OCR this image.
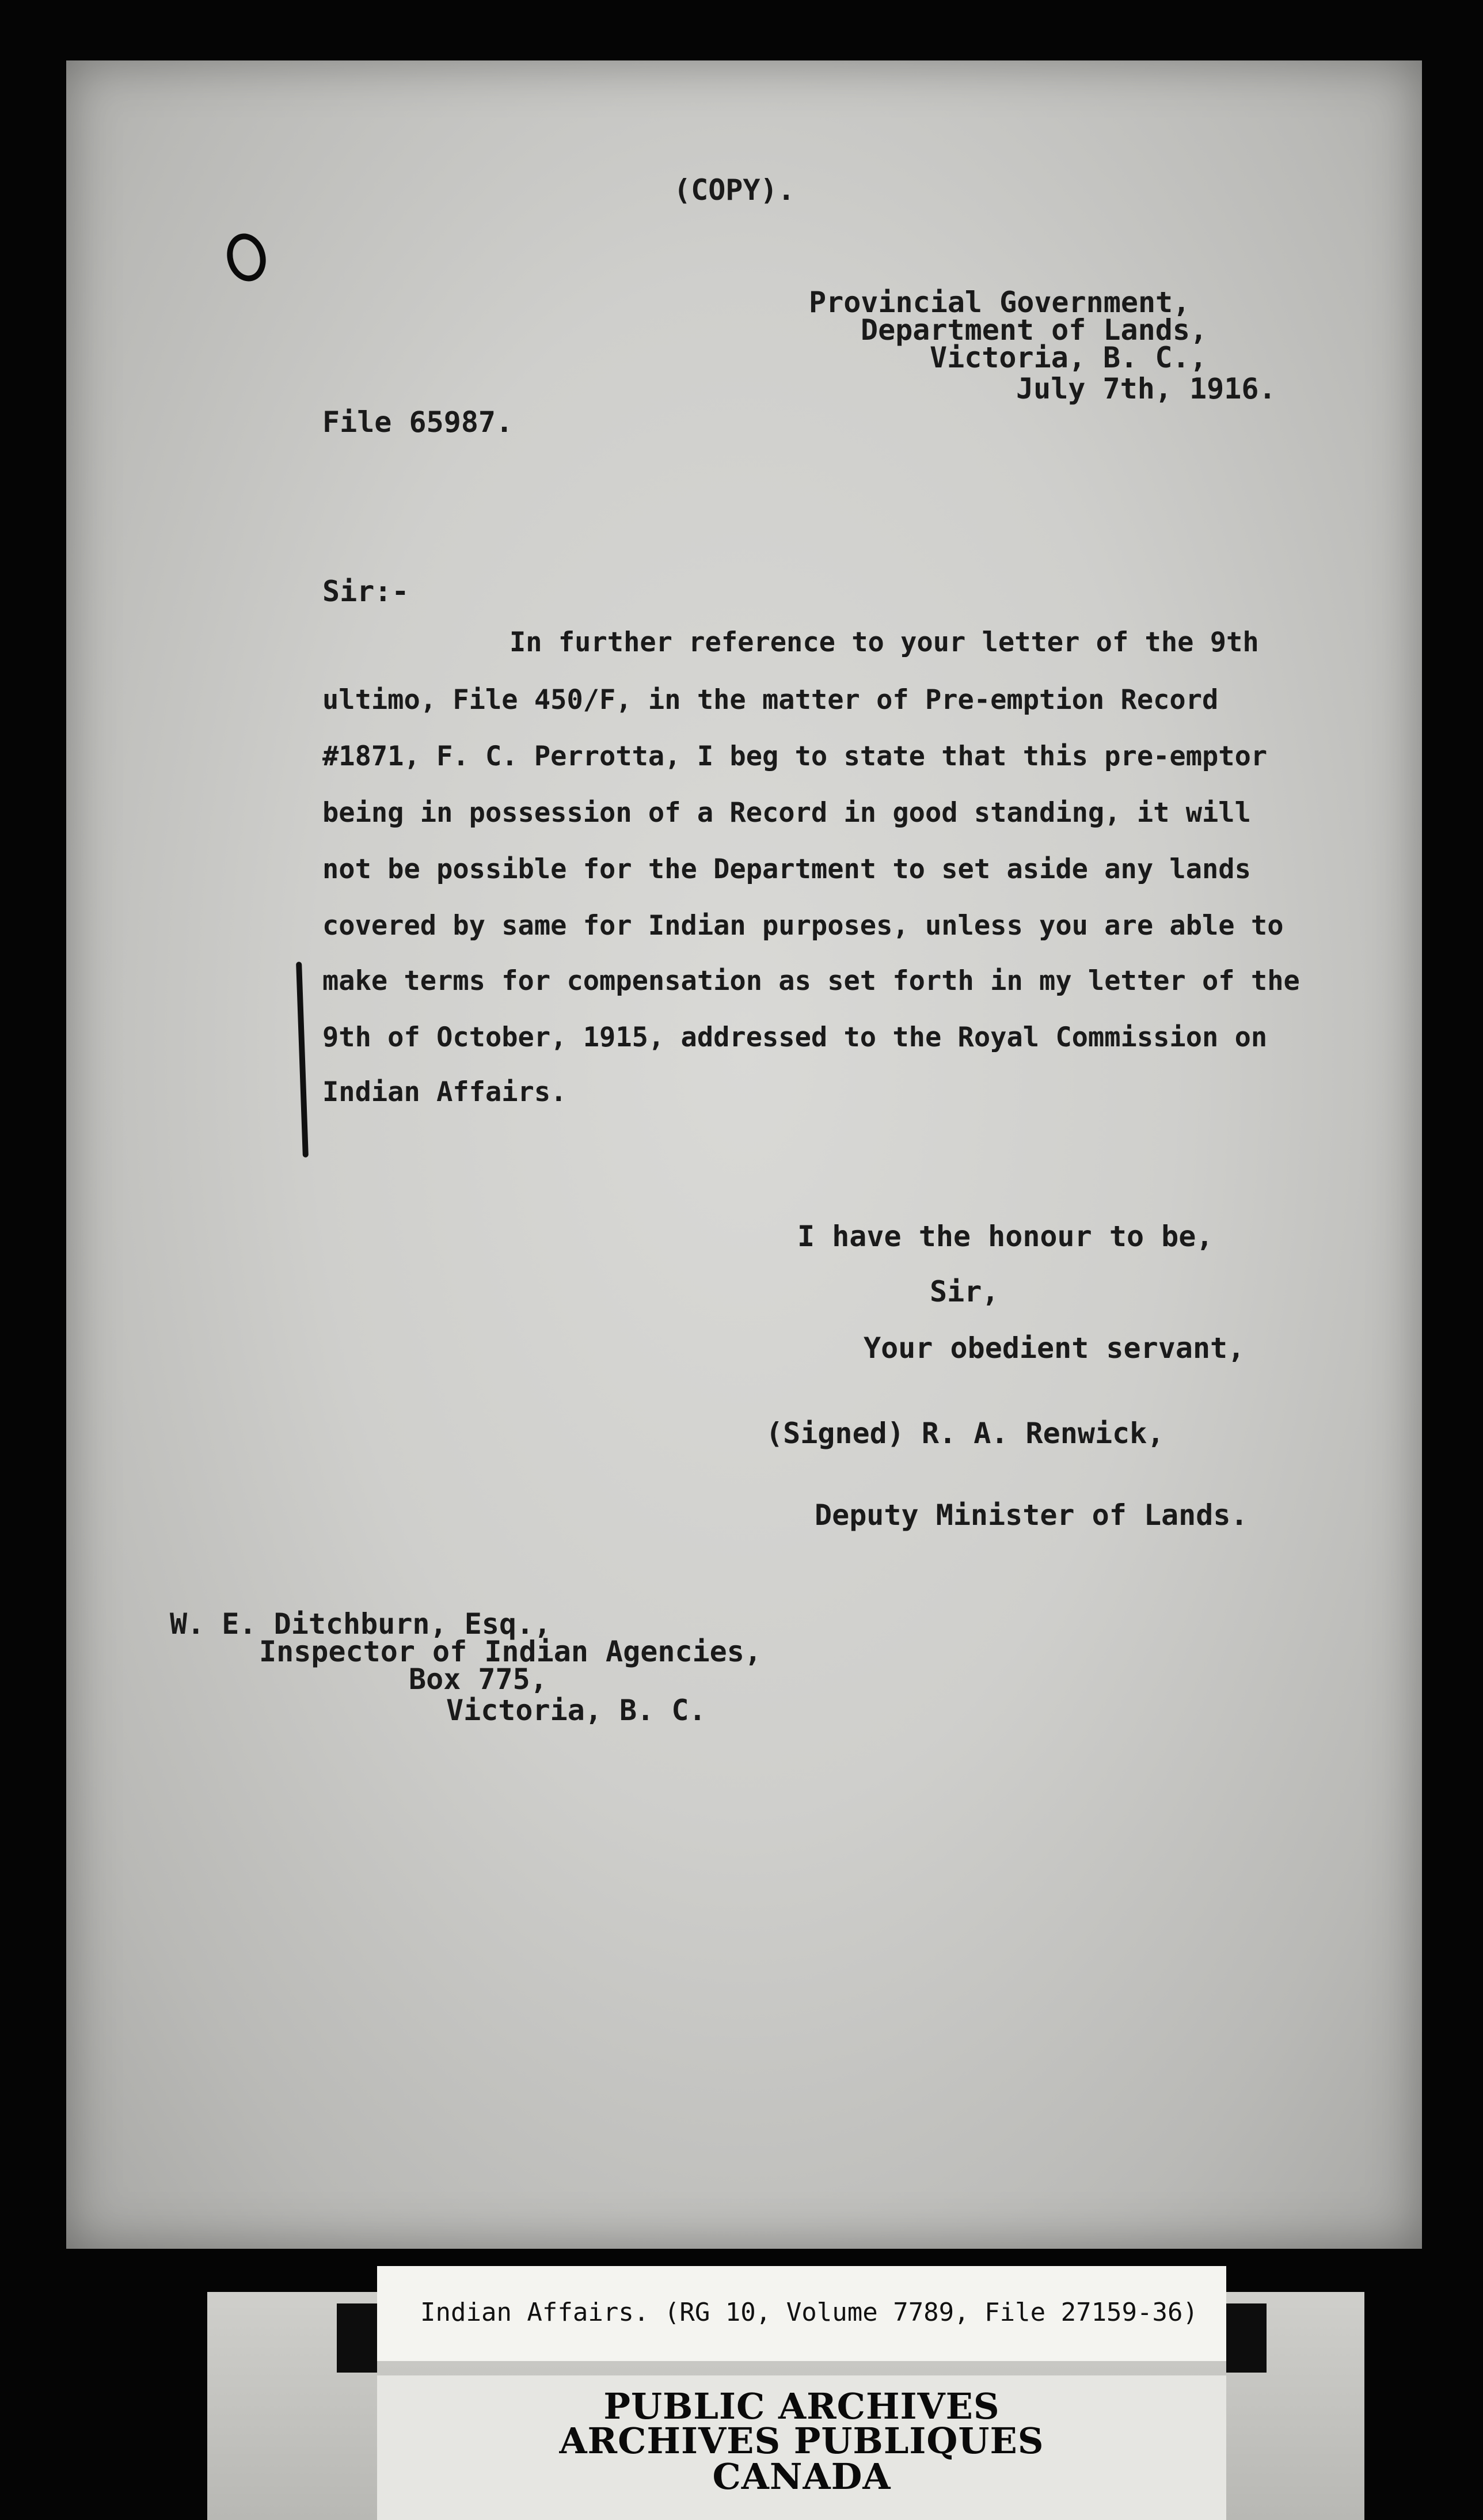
(COPY).
Provincial Government,
Department of Lands,
Victoria, B. C.,
July 7th, 1916.
File 65987.
Sir:-
In further reference to your letter of the 9th
ultimo, File 450/F, in the matter of Pre-emption Record
#1871, F. C. Perrotta, I beg to state that this pre-emptor
being in possession of a Record in good standing, it will
not be possible for the Department to set aside any lands
covered by same for Indian purposes, unless you are able to
make terms for compensation as set forth in my letter of the
9th of October, 1915, addressed to the Royal Commission on
Indian Affairs.
I have the honour to be,
Sir,
Your obedient servant,
(Signed) R. A. Renwick,
Deputy Minister of Lands.
W. E. Ditchburn, Esq.,
Inspector of Indian Agencies,
Box 775,
Victoria, B. C.
Indian Affairs. (RG 10, Volume 7789, File 27159-36)
PUBLIC ARCHIVES
ARCHIVES PUBLIQUES
CANADA
